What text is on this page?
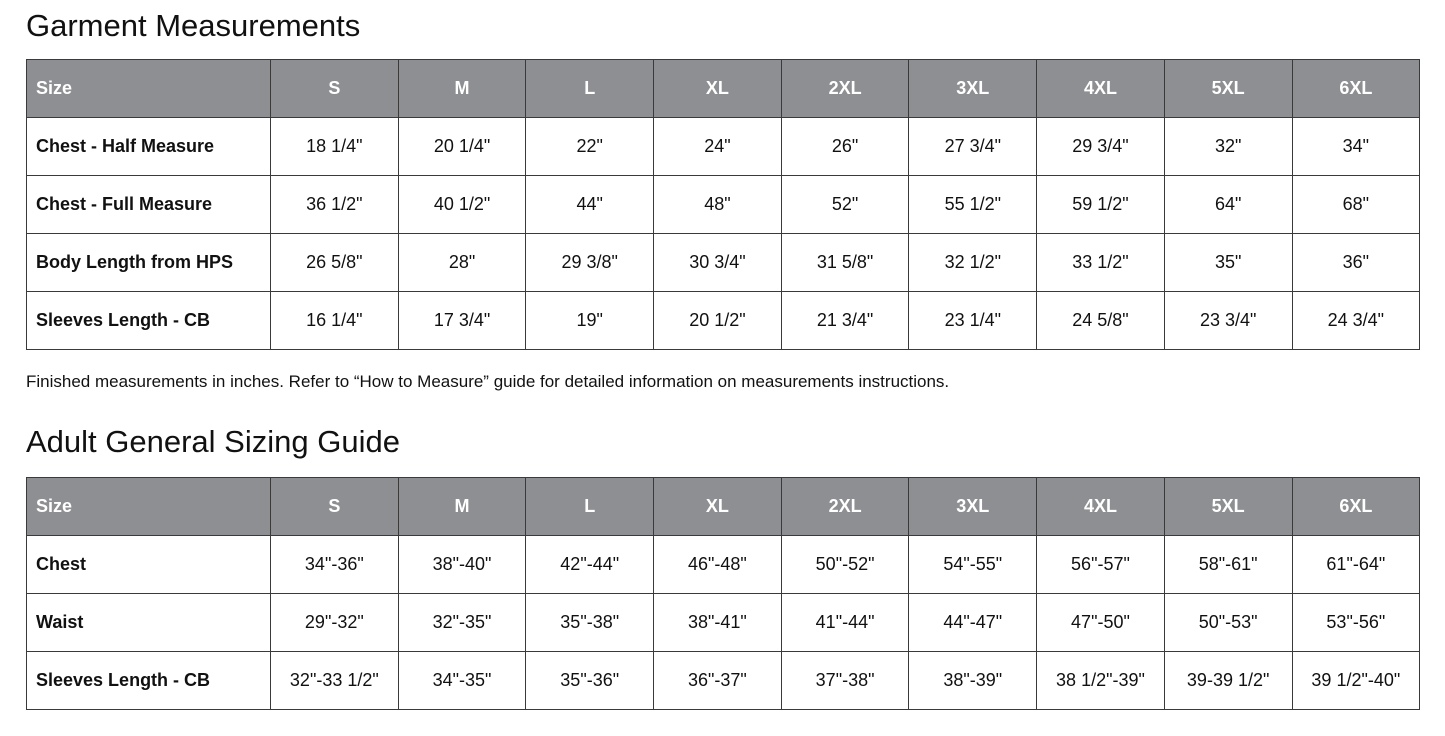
Garment Measurements
Size	S	M	L	XL	2XL	3XL	4XL	5XL	6XL
Chest - Half Measure	18 1/4"	20 1/4"	22"	24"	26"	27 3/4"	29 3/4"	32"	34"
Chest - Full Measure	36 1/2"	40 1/2"	44"	48"	52"	55 1/2"	59 1/2"	64"	68"
Body Length from HPS	26 5/8"	28"	29 3/8"	30 3/4"	31 5/8"	32 1/2"	33 1/2"	35"	36"
Sleeves Length - CB	16 1/4"	17 3/4"	19"	20 1/2"	21 3/4"	23 1/4"	24 5/8"	23 3/4"	24 3/4"
Finished measurements in inches. Refer to “How to Measure” guide for detailed information on measurements instructions.
Adult General Sizing Guide
Size	S	M	L	XL	2XL	3XL	4XL	5XL	6XL
Chest	34"-36"	38"-40"	42"-44"	46"-48"	50"-52"	54"-55"	56"-57"	58"-61"	61"-64"
Waist	29"-32"	32"-35"	35"-38"	38"-41"	41"-44"	44"-47"	47"-50"	50"-53"	53"-56"
Sleeves Length - CB	32"-33 1/2"	34"-35"	35"-36"	36"-37"	37"-38"	38"-39"	38 1/2"-39"	39-39 1/2"	39 1/2"-40"
